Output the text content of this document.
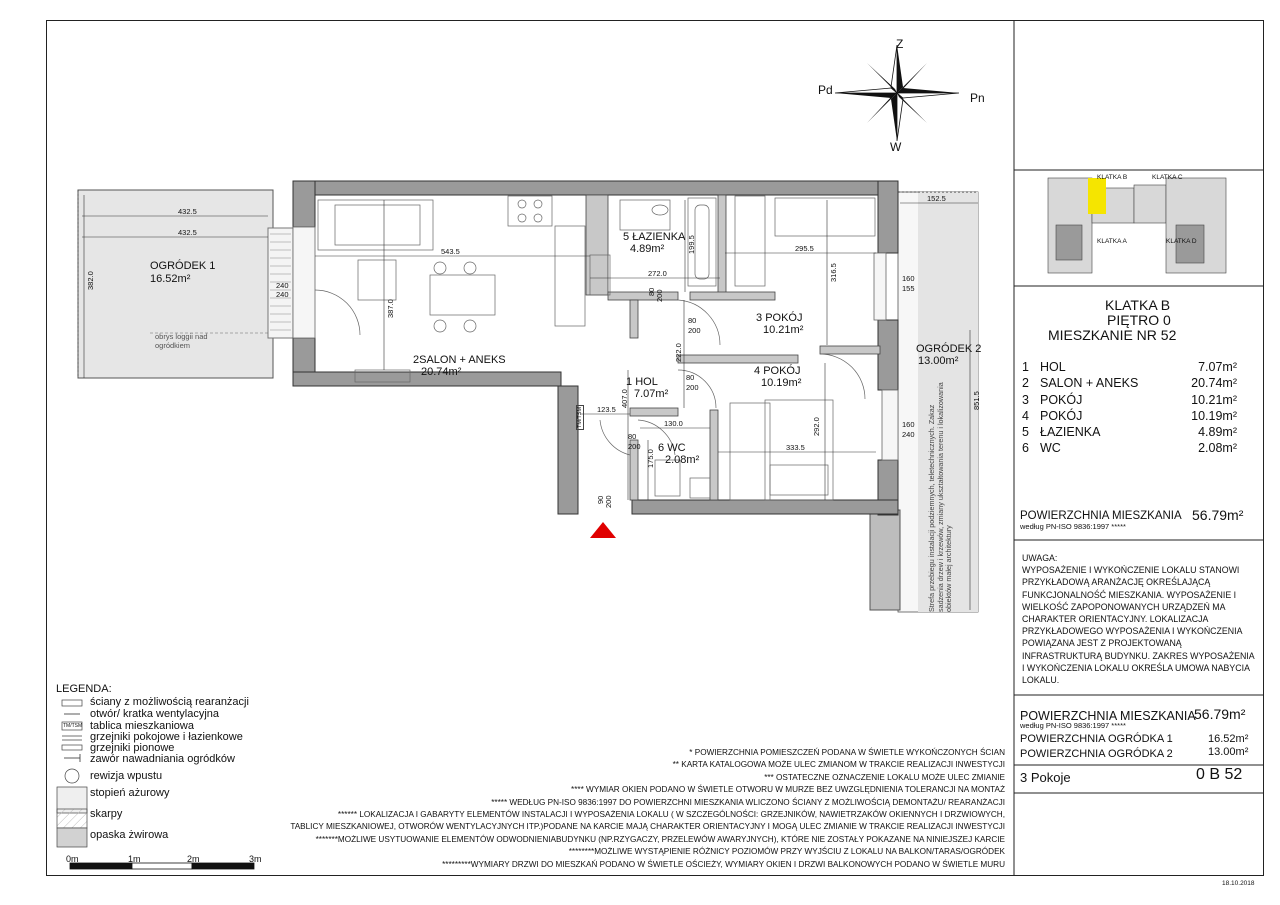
Z
W
Pn
Pd
OGRÓDEK 1
16.52m²
obrys loggii nad
ogródkiem
2SALON + ANEKS
20.74m²
5 ŁAZIENKA
4.89m²
3 POKÓJ
10.21m²
4 POKÓJ
10.19m²
1 HOL
7.07m²
6 WC
2.08m²
OGRÓDEK 2
13.00m²
Strefa przebiegu instalacji podziemnych, teletechnicznych. Zakaz sadzenia drzew i krzewów, zmiany ukształtowania terenu i lokalizowania obiektów małej architektury
432.5
432.5
382.0
543.5
387.0
272.0
199.5	295.5
316.5
152.5
851.5
123.5
407.0
130.0
222.0
175.0
333.5
292.0
240
240
160
155
160
240
80 200
80
200
80
200
90 200
80
200
TM/TSM
KLATKA B	KLATKA C
KLATKA A	KLATKA D
KLATKA B
PIĘTRO 0
MIESZKANIE NR 52
1 HOL	7.07m²
2 SALON + ANEKS	20.74m²
3 POKÓJ	10.21m²
4 POKÓJ	10.19m²
5 ŁAZIENKA	4.89m²
6 WC	2.08m²
POWIERZCHNIA MIESZKANIA
według PN-ISO 9836:1997 *****
56.79m²
UWAGA:
WYPOSAŻENIE I WYKOŃCZENIE LOKALU STANOWI
PRZYKŁADOWĄ ARANŻACJĘ OKREŚLAJĄCĄ
FUNKCJONALNOŚĆ MIESZKANIA. WYPOSAŻENIE I
WIELKOŚĆ ZAPOPONOWANYCH URZĄDZEŃ MA
CHARAKTER ORIENTACYJNY. LOKALIZACJA
PRZYKŁADOWEGO WYPOSAŻENIA I WYKOŃCZENIA
POWIĄZANA JEST Z PROJEKTOWANĄ
INFRASTRUKTURĄ BUDYNKU. ZAKRES WYPOSAŻENIA
I WYKOŃCZENIA LOKALU OKREŚLA UMOWA NABYCIA
LOKALU.
POWIERZCHNIA MIESZKANIA
56.79m²
według PN-ISO 9836:1997 *****
POWIERZCHNIA OGRÓDKA 1	16.52m²
POWIERZCHNIA OGRÓDKA 2	13.00m²
3 Pokoje	0 B 52
18.10.2018
LEGENDA:
ściany z możliwością rearanżacji
otwór/ kratka wentylacyjna
tablica mieszkaniowa
grzejniki pokojowe i łazienkowe
grzejniki pionowe
zawór nawadniania ogródków
rewizja wpustu
stopień ażurowy
skarpy
opaska żwirowa
TM/TSM
0m	1m	2m	3m
* POWIERZCHNIA POMIESZCZEŃ PODANA W ŚWIETLE WYKOŃCZONYCH ŚCIAN
** KARTA KATALOGOWA MOŻE ULEC ZMIANOM W TRAKCIE REALIZACJI INWESTYCJI
*** OSTATECZNE OZNACZENIE LOKALU MOŻE ULEC ZMIANIE
**** WYMIAR OKIEN PODANO W ŚWIETLE OTWORU W MURZE BEZ UWZGLĘDNIENIA TOLERANCJI NA MONTAŻ
***** WEDŁUG PN-ISO 9836:1997 DO POWIERZCHNI MIESZKANIA WLICZONO ŚCIANY Z MOŻLIWOŚCIĄ DEMONTAŻU/ REARANŻACJI
****** LOKALIZACJA I GABARYTY ELEMENTÓW INSTALACJI I WYPOSAŻENIA LOKALU ( W SZCZEGÓLNOŚCI: GRZEJNIKÓW, NAWIETRZAKÓW OKIENNYCH I DRZWIOWYCH,
TABLICY MIESZKANIOWEJ, OTWORÓW WENTYLACYJNYCH ITP.)PODANE NA KARCIE MAJĄ CHARAKTER ORIENTACYJNY I MOGĄ ULEC ZMIANIE W TRAKCIE REALIZACJI INWESTYCJI
*******MOŻLIWE USYTUOWANIE ELEMENTÓW ODWODNIENIABUDYNKU (NP.RZYGACZY, PRZELEWÓW AWARYJNYCH), KTÓRE NIE ZOSTAŁY POKAZANE NA NINIEJSZEJ KARCIE
********MOŻLIWE WYSTĄPIENIE RÓŻNICY POZIOMÓW PRZY WYJŚCIU Z LOKALU NA BALKON/TARAS/OGRÓDEK
*********WYMIARY DRZWI DO MIESZKAŃ PODANO W ŚWIETLE OŚCIEŻY, WYMIARY OKIEN I DRZWI BALKONOWYCH PODANO W ŚWIETLE MURU
